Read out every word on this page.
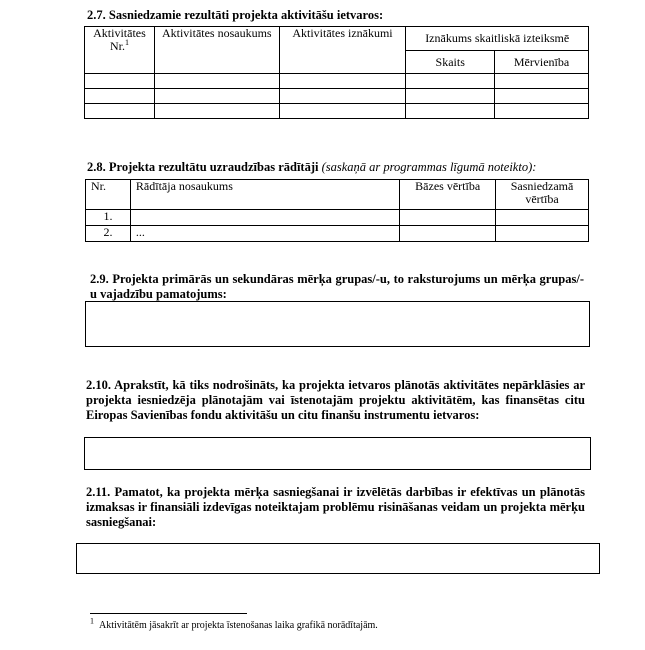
2.7. Sasniedzamie rezultāti projekta aktivitāšu ietvaros:
Aktivitātes Nr.$^1$	Aktivitātes nosaukums	Aktivitātes iznākumi	Iznākums skaitliskā izteiksmē	
			Skaits	Mērvienība

2.8. Projekta rezultātu uzraudzības rādītāji (saskaņā ar programmas līgumā noteikto):
Nr.	Rādītāja nosaukums	Bāzes vērtība	Sasniedzamā vērtība
1.			
2.	...		
2.9. Projekta primārās un sekundāras mērķa grupas/-u, to raksturojums un mērķa grupas/-u vajadzību pamatojums:
2.10. Aprakstīt, kā tiks nodrošināts, ka projekta ietvaros plānotās aktivitātes nepārklāsies ar projekta iesniedzēja plānotajām vai īstenotajām projektu aktivitātēm, kas finansētas citu Eiropas Savienības fondu aktivitāšu un citu finanšu instrumentu ietvaros:
2.11. Pamatot, ka projekta mērķa sasniegšanai ir izvēlētās darbības ir efektīvas un plānotās izmaksas ir finansiāli izdevīgas noteiktajam problēmu risināšanas veidam un projekta mērķu sasniegšanai:
$^1$ Aktivitātēm jāsakrīt ar projekta īstenošanas laika grafikā norādītajām.
